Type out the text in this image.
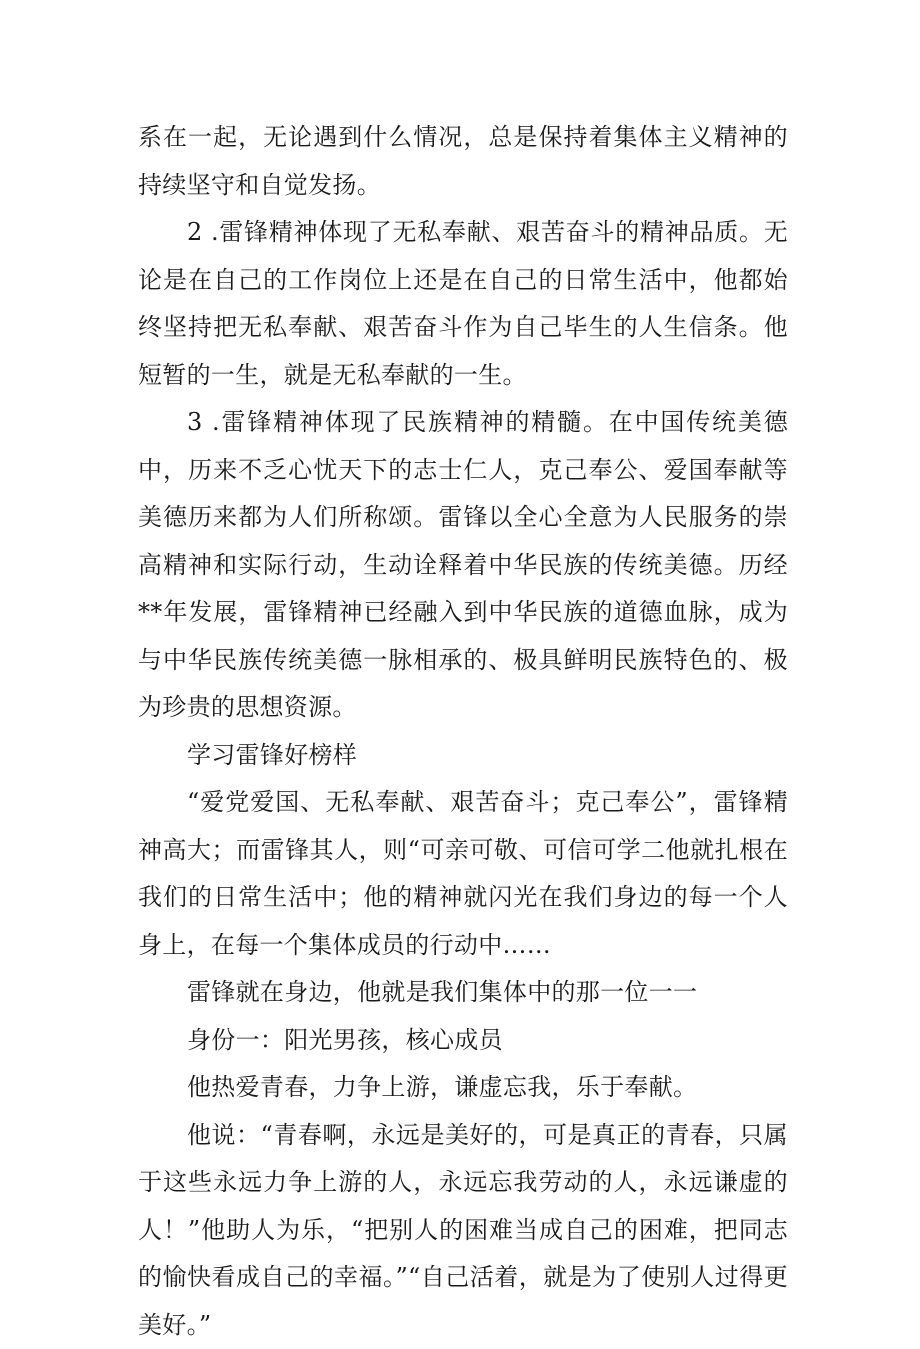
系在一起，无论遇到什么情况，总是保持着集体主义精神的持续坚守和自觉发扬。

2 .雷锋精神体现了无私奉献、艰苦奋斗的精神品质。无论是在自己的工作岗位上还是在自己的日常生活中，他都始终坚持把无私奉献、艰苦奋斗作为自己毕生的人生信条。他短暂的一生，就是无私奉献的一生。

3 .雷锋精神体现了民族精神的精髓。在中国传统美德中，历来不乏心忧天下的志士仁人，克己奉公、爱国奉献等美德历来都为人们所称颂。雷锋以全心全意为人民服务的崇高精神和实际行动，生动诠释着中华民族的传统美德。历经**年发展，雷锋精神已经融入到中华民族的道德血脉，成为与中华民族传统美德一脉相承的、极具鲜明民族特色的、极为珍贵的思想资源。

学习雷锋好榜样

“爱党爱国、无私奉献、艰苦奋斗；克己奉公”，雷锋精神高大；而雷锋其人，则“可亲可敬、可信可学二他就扎根在我们的日常生活中；他的精神就闪光在我们身边的每一个人身上，在每一个集体成员的行动中……

雷锋就在身边，他就是我们集体中的那一位一一

身份一：阳光男孩，核心成员

他热爱青春，力争上游，谦虚忘我，乐于奉献。

他说：“青春啊，永远是美好的，可是真正的青春，只属于这些永远力争上游的人，永远忘我劳动的人，永远谦虚的人！”他助人为乐，“把别人的困难当成自己的困难，把同志的愉快看成自己的幸福。”“自己活着，就是为了使别人过得更美好。”
